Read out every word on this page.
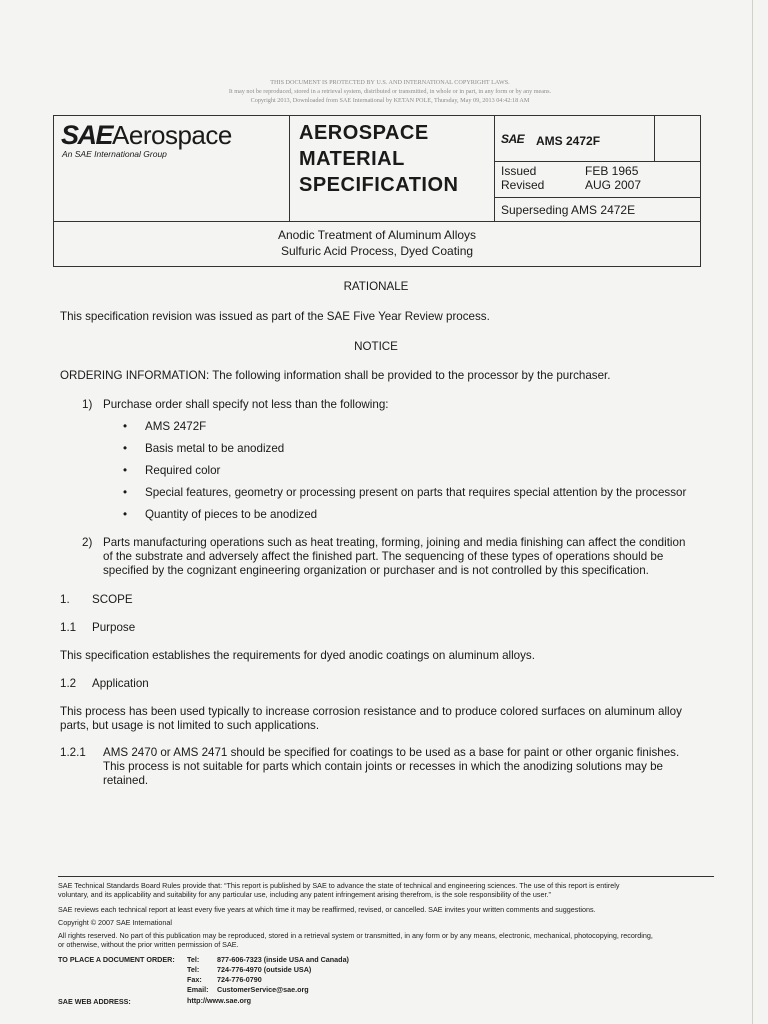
THIS DOCUMENT IS PROTECTED BY U.S. AND INTERNATIONAL COPYRIGHT LAWS.
It may not be reproduced, stored in a retrieval system, distributed or transmitted, in whole or in part, in any form or by any means.
Copyright 2013, Downloaded from SAE International by KETAN POLE, Thursday, May 09, 2013 04:42:18 AM
SAEAerospace
An SAE International Group
AEROSPACE
MATERIAL
SPECIFICATION
SAE AMS 2472F
Issued	FEB 1965
Revised	AUG 2007
Superseding AMS 2472E
Anodic Treatment of Aluminum Alloys
Sulfuric Acid Process, Dyed Coating
RATIONALE
This specification revision was issued as part of the SAE Five Year Review process.
NOTICE
ORDERING INFORMATION: The following information shall be provided to the processor by the purchaser.
1) Purchase order shall specify not less than the following:
• AMS 2472F
• Basis metal to be anodized
• Required color
• Special features, geometry or processing present on parts that requires special attention by the processor
• Quantity of pieces to be anodized
2) Parts manufacturing operations such as heat treating, forming, joining and media finishing can affect the condition
of the substrate and adversely affect the finished part. The sequencing of these types of operations should be
specified by the cognizant engineering organization or purchaser and is not controlled by this specification.
1. SCOPE
1.1 Purpose
This specification establishes the requirements for dyed anodic coatings on aluminum alloys.
1.2 Application
This process has been used typically to increase corrosion resistance and to produce colored surfaces on aluminum alloy
parts, but usage is not limited to such applications.
1.2.1 AMS 2470 or AMS 2471 should be specified for coatings to be used as a base for paint or other organic finishes.
This process is not suitable for parts which contain joints or recesses in which the anodizing solutions may be
retained.
SAE Technical Standards Board Rules provide that: “This report is published by SAE to advance the state of technical and engineering sciences. The use of this report is entirely
voluntary, and its applicability and suitability for any particular use, including any patent infringement arising therefrom, is the sole responsibility of the user.”
SAE reviews each technical report at least every five years at which time it may be reaffirmed, revised, or cancelled. SAE invites your written comments and suggestions.
Copyright © 2007 SAE International
All rights reserved. No part of this publication may be reproduced, stored in a retrieval system or transmitted, in any form or by any means, electronic, mechanical, photocopying, recording,
or otherwise, without the prior written permission of SAE.
TO PLACE A DOCUMENT ORDER: Tel: 877-606-7323 (inside USA and Canada)
Tel: 724-776-4970 (outside USA)
Fax: 724-776-0790
Email: CustomerService@sae.org
SAE WEB ADDRESS:	http://www.sae.org
